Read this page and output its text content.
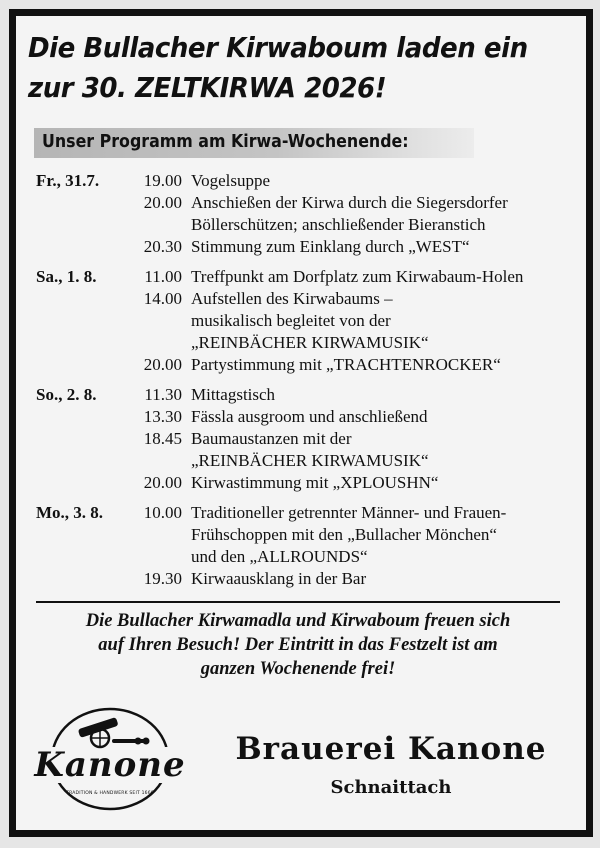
Die Bullacher Kirwaboum laden ein
zur 30. ZELTKIRWA 2026!
Unser Programm am Kirwa-Wochenende:
Fr., 31.7.	19.00 Vogelsuppe
20.00 Anschießen der Kirwa durch die Siegersdorfer
Böllerschützen; anschließender Bieranstich
20.30 Stimmung zum Einklang durch „WEST“
Sa., 1. 8.	11.00 Treffpunkt am Dorfplatz zum Kirwabaum-Holen
14.00 Aufstellen des Kirwabaums –
musikalisch begleitet von der
„REINBÄCHER KIRWAMUSIK“
20.00 Partystimmung mit „TRACHTENROCKER“
So., 2. 8.	11.30 Mittagstisch
13.30 Fässla ausgroom und anschließend
18.45 Baumaustanzen mit der
„REINBÄCHER KIRWAMUSIK“
20.00 Kirwastimmung mit „XPLOUSHN“
Mo., 3. 8.	10.00 Traditioneller getrennter Männer- und Frauen-
Frühschoppen mit den „Bullacher Mönchen“
und den „ALLROUNDS“
19.30 Kirwaausklang in der Bar
Die Bullacher Kirwamadla und Kirwaboum freuen sich
auf Ihren Besuch! Der Eintritt in das Festzelt ist am
ganzen Wochenende frei!
Kanone
TRADITION & HANDWERK SEIT 1666
Brauerei Kanone
Schnaittach
